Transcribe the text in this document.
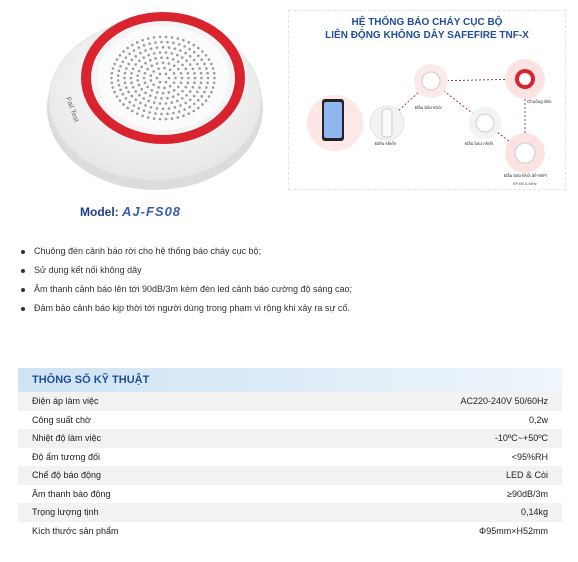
Fail Test
Model: AJ-FS08
HỆ THỐNG BÁO CHÁY CỤC BỘ
LIÊN ĐỘNG KHÔNG DÂY SAFEFIRE TNF-X
Đầu báo khói
Chuông đèn
Điều khiển	Đầu báo nhiệt
Đầu báo khói dê WiFi
RF4M A.MHz
Chuông đèn cảnh báo rời cho hệ thống báo cháy cục bộ;
Sử dụng kết nối không dây
Âm thanh cảnh báo lên tới 90dB/3m kèm đèn led cảnh báo cường độ sáng cao;
Đảm bảo cảnh báo kịp thời tới người dùng trong phạm vi rộng khi xảy ra sự cố.
THÔNG SỐ KỸ THUẬT
Điện áp làm việc	AC220-240V 50/60Hz
Công suất chờ	0,2w
Nhiệt độ làm việc	-10ºC~+50ºC
Độ ẩm tương đối	<95%RH
Chế độ báo động	LED & Còi
Âm thanh báo động	≥90dB/3m
Trọng lượng tịnh	0,14kg
Kích thước sản phẩm	Φ95mm×H52mm
